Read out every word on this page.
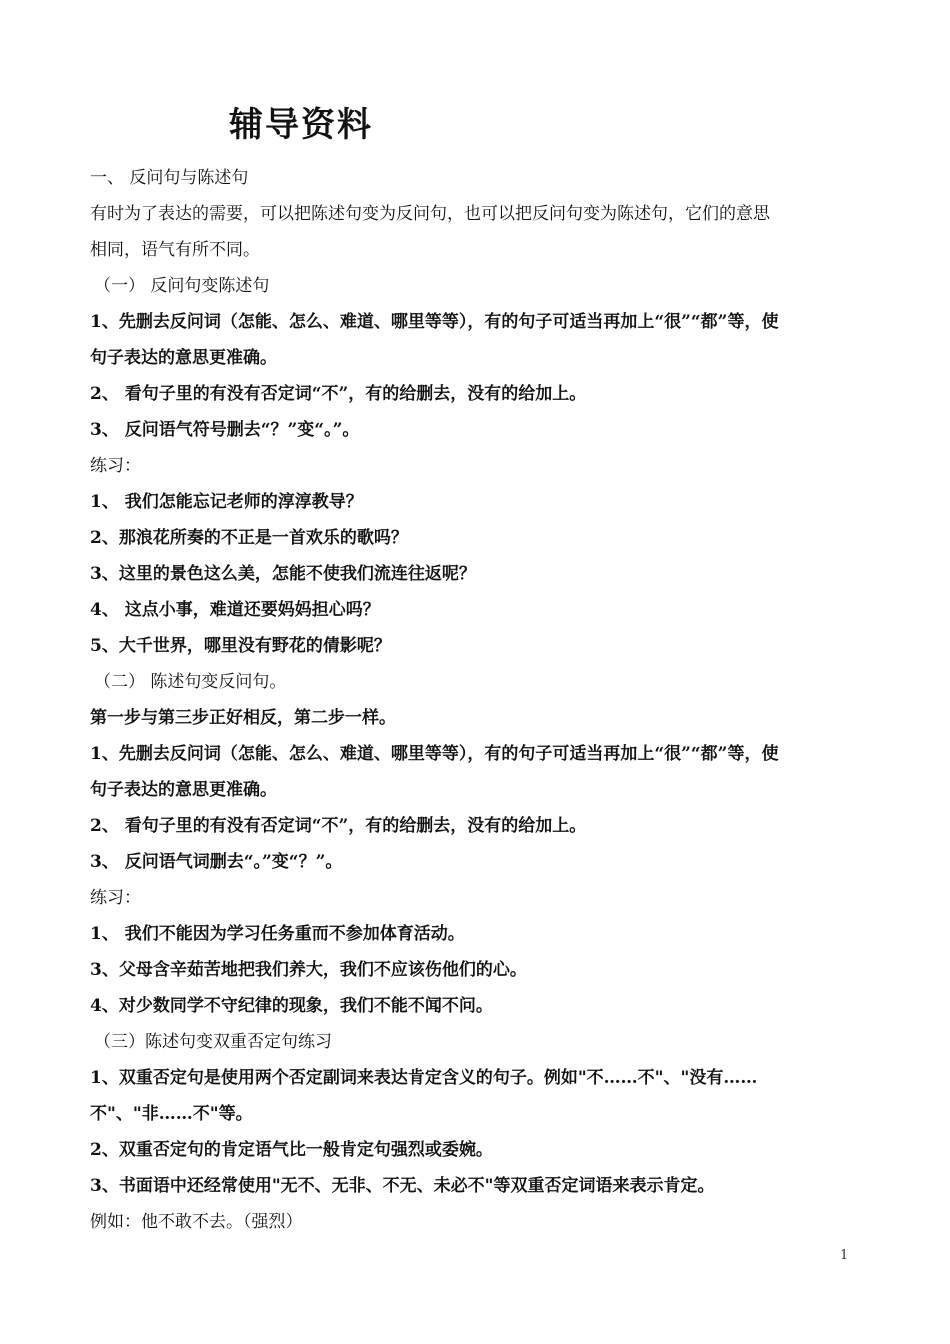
辅导资料
一、 反问句与陈述句
有时为了表达的需要，可以把陈述句变为反问句，也可以把反问句变为陈述句，它们的意思
相同，语气有所不同。
（一） 反问句变陈述句
1、先删去反问词（怎能、怎么、难道、哪里等等），有的句子可适当再加上“很”“都”等，使
句子表达的意思更准确。
2、 看句子里的有没有否定词“不”，有的给删去，没有的给加上。
3、 反问语气符号删去“？”变“。”。
练习：
1、 我们怎能忘记老师的淳淳教导？
2、那浪花所奏的不正是一首欢乐的歌吗？
3、这里的景色这么美，怎能不使我们流连往返呢？
4、 这点小事，难道还要妈妈担心吗？
5、大千世界，哪里没有野花的倩影呢？
（二） 陈述句变反问句。
第一步与第三步正好相反，第二步一样。
1、先删去反问词（怎能、怎么、难道、哪里等等），有的句子可适当再加上“很”“都”等，使
句子表达的意思更准确。
2、 看句子里的有没有否定词“不”，有的给删去，没有的给加上。
3、 反问语气词删去“。”变“？”。
练习：
1、 我们不能因为学习任务重而不参加体育活动。
3、父母含辛茹苦地把我们养大，我们不应该伤他们的心。
4、对少数同学不守纪律的现象，我们不能不闻不问。
（三）陈述句变双重否定句练习
1、双重否定句是使用两个否定副词来表达肯定含义的句子。例如"不……不"、"没有……
不"、"非……不"等。
2、双重否定句的肯定语气比一般肯定句强烈或委婉。
3、书面语中还经常使用"无不、无非、不无、未必不"等双重否定词语来表示肯定。
例如：他不敢不去。（强烈）
1
